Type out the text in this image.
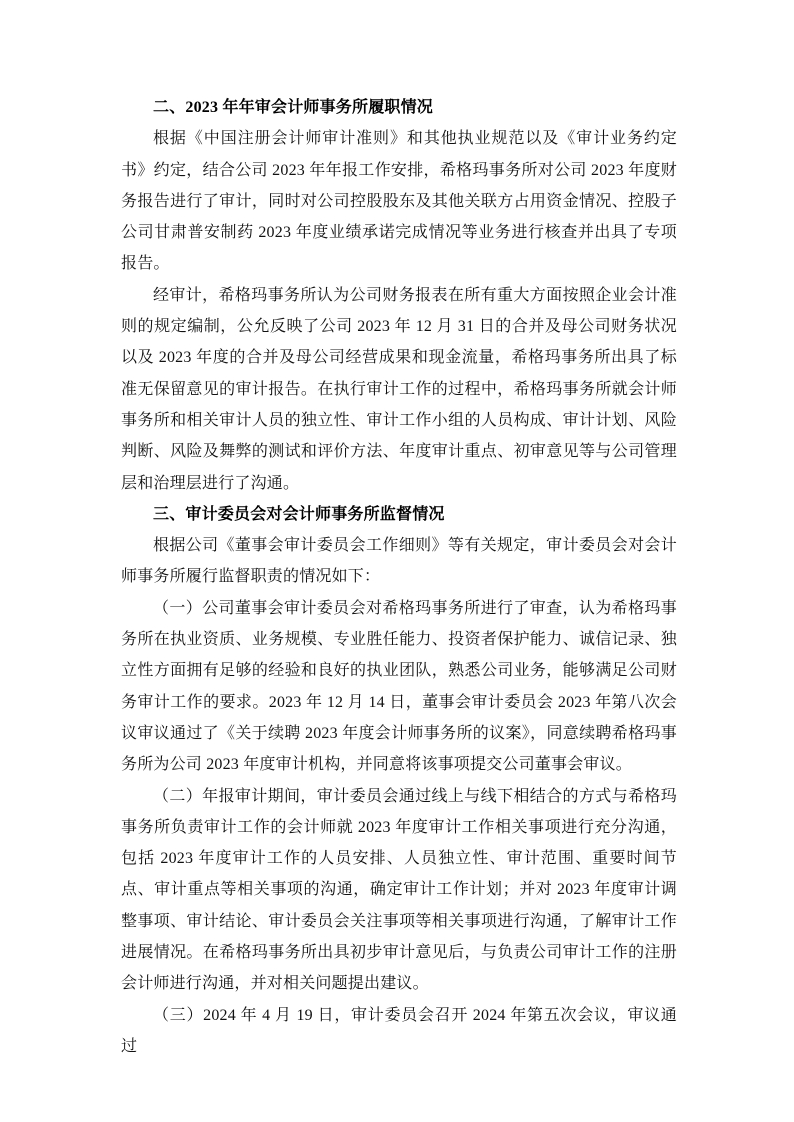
二、2023 年年审会计师事务所履职情况

根据《中国注册会计师审计准则》和其他执业规范以及《审计业务约定书》约定，结合公司 2023 年年报工作安排，希格玛事务所对公司 2023 年度财务报告进行了审计，同时对公司控股股东及其他关联方占用资金情况、控股子公司甘肃普安制药 2023 年度业绩承诺完成情况等业务进行核查并出具了专项报告。

经审计，希格玛事务所认为公司财务报表在所有重大方面按照企业会计准则的规定编制，公允反映了公司 2023 年 12 月 31 日的合并及母公司财务状况以及 2023 年度的合并及母公司经营成果和现金流量，希格玛事务所出具了标准无保留意见的审计报告。在执行审计工作的过程中，希格玛事务所就会计师事务所和相关审计人员的独立性、审计工作小组的人员构成、审计计划、风险判断、风险及舞弊的测试和评价方法、年度审计重点、初审意见等与公司管理层和治理层进行了沟通。

三、审计委员会对会计师事务所监督情况

根据公司《董事会审计委员会工作细则》等有关规定，审计委员会对会计师事务所履行监督职责的情况如下：

（一）公司董事会审计委员会对希格玛事务所进行了审查，认为希格玛事务所在执业资质、业务规模、专业胜任能力、投资者保护能力、诚信记录、独立性方面拥有足够的经验和良好的执业团队，熟悉公司业务，能够满足公司财务审计工作的要求。2023 年 12 月 14 日，董事会审计委员会 2023 年第八次会议审议通过了《关于续聘 2023 年度会计师事务所的议案》，同意续聘希格玛事务所为公司 2023 年度审计机构，并同意将该事项提交公司董事会审议。

（二）年报审计期间，审计委员会通过线上与线下相结合的方式与希格玛事务所负责审计工作的会计师就 2023 年度审计工作相关事项进行充分沟通，包括 2023 年度审计工作的人员安排、人员独立性、审计范围、重要时间节点、审计重点等相关事项的沟通，确定审计工作计划；并对 2023 年度审计调整事项、审计结论、审计委员会关注事项等相关事项进行沟通，了解审计工作进展情况。在希格玛事务所出具初步审计意见后，与负责公司审计工作的注册会计师进行沟通，并对相关问题提出建议。

（三）2024 年 4 月 19 日，审计委员会召开 2024 年第五次会议，审议通过
